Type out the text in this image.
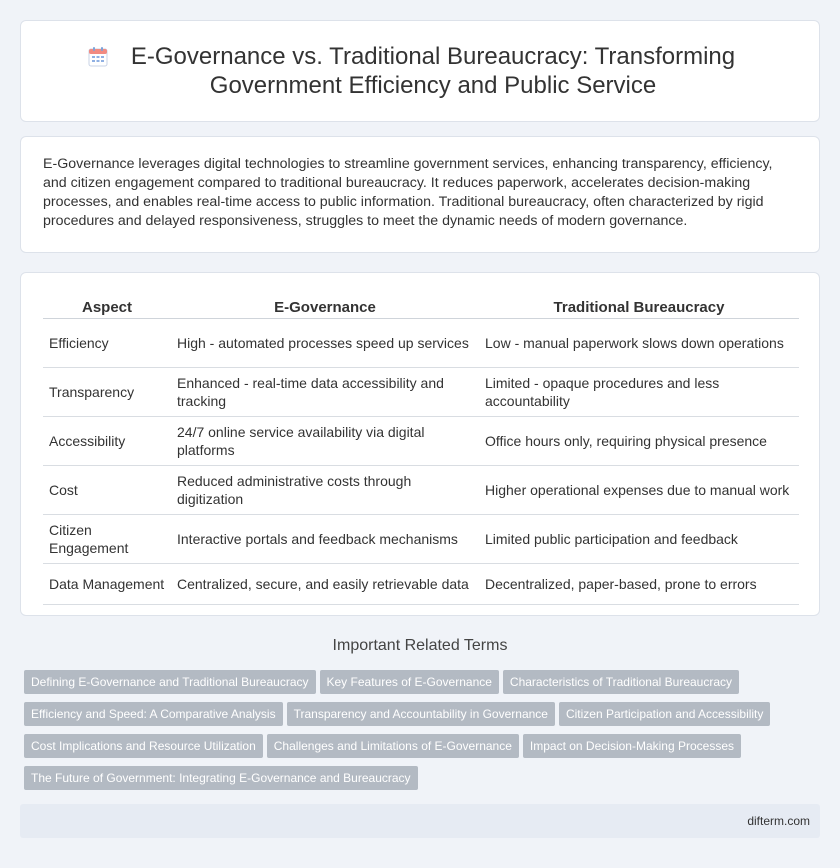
E-Governance vs. Traditional Bureaucracy: Transforming Government Efficiency and Public Service

E-Governance leverages digital technologies to streamline government services, enhancing transparency, efficiency, and citizen engagement compared to traditional bureaucracy. It reduces paperwork, accelerates decision-making processes, and enables real-time access to public information. Traditional bureaucracy, often characterized by rigid procedures and delayed responsiveness, struggles to meet the dynamic needs of modern governance.

Aspect	E-Governance	Traditional Bureaucracy
Efficiency	High - automated processes speed up services	Low - manual paperwork slows down operations
Transparency	Enhanced - real-time data accessibility and tracking	Limited - opaque procedures and less accountability
Accessibility	24/7 online service availability via digital platforms	Office hours only, requiring physical presence
Cost	Reduced administrative costs through digitization	Higher operational expenses due to manual work
Citizen Engagement	Interactive portals and feedback mechanisms	Limited public participation and feedback
Data Management	Centralized, secure, and easily retrievable data	Decentralized, paper-based, prone to errors
Important Related Terms
Defining E-Governance and Traditional Bureaucracy Key Features of E-Governance Characteristics of Traditional Bureaucracy
Efficiency and Speed: A Comparative Analysis Transparency and Accountability in Governance Citizen Participation and Accessibility
Cost Implications and Resource Utilization Challenges and Limitations of E-Governance Impact on Decision-Making Processes
The Future of Government: Integrating E-Governance and Bureaucracy
difterm.com
